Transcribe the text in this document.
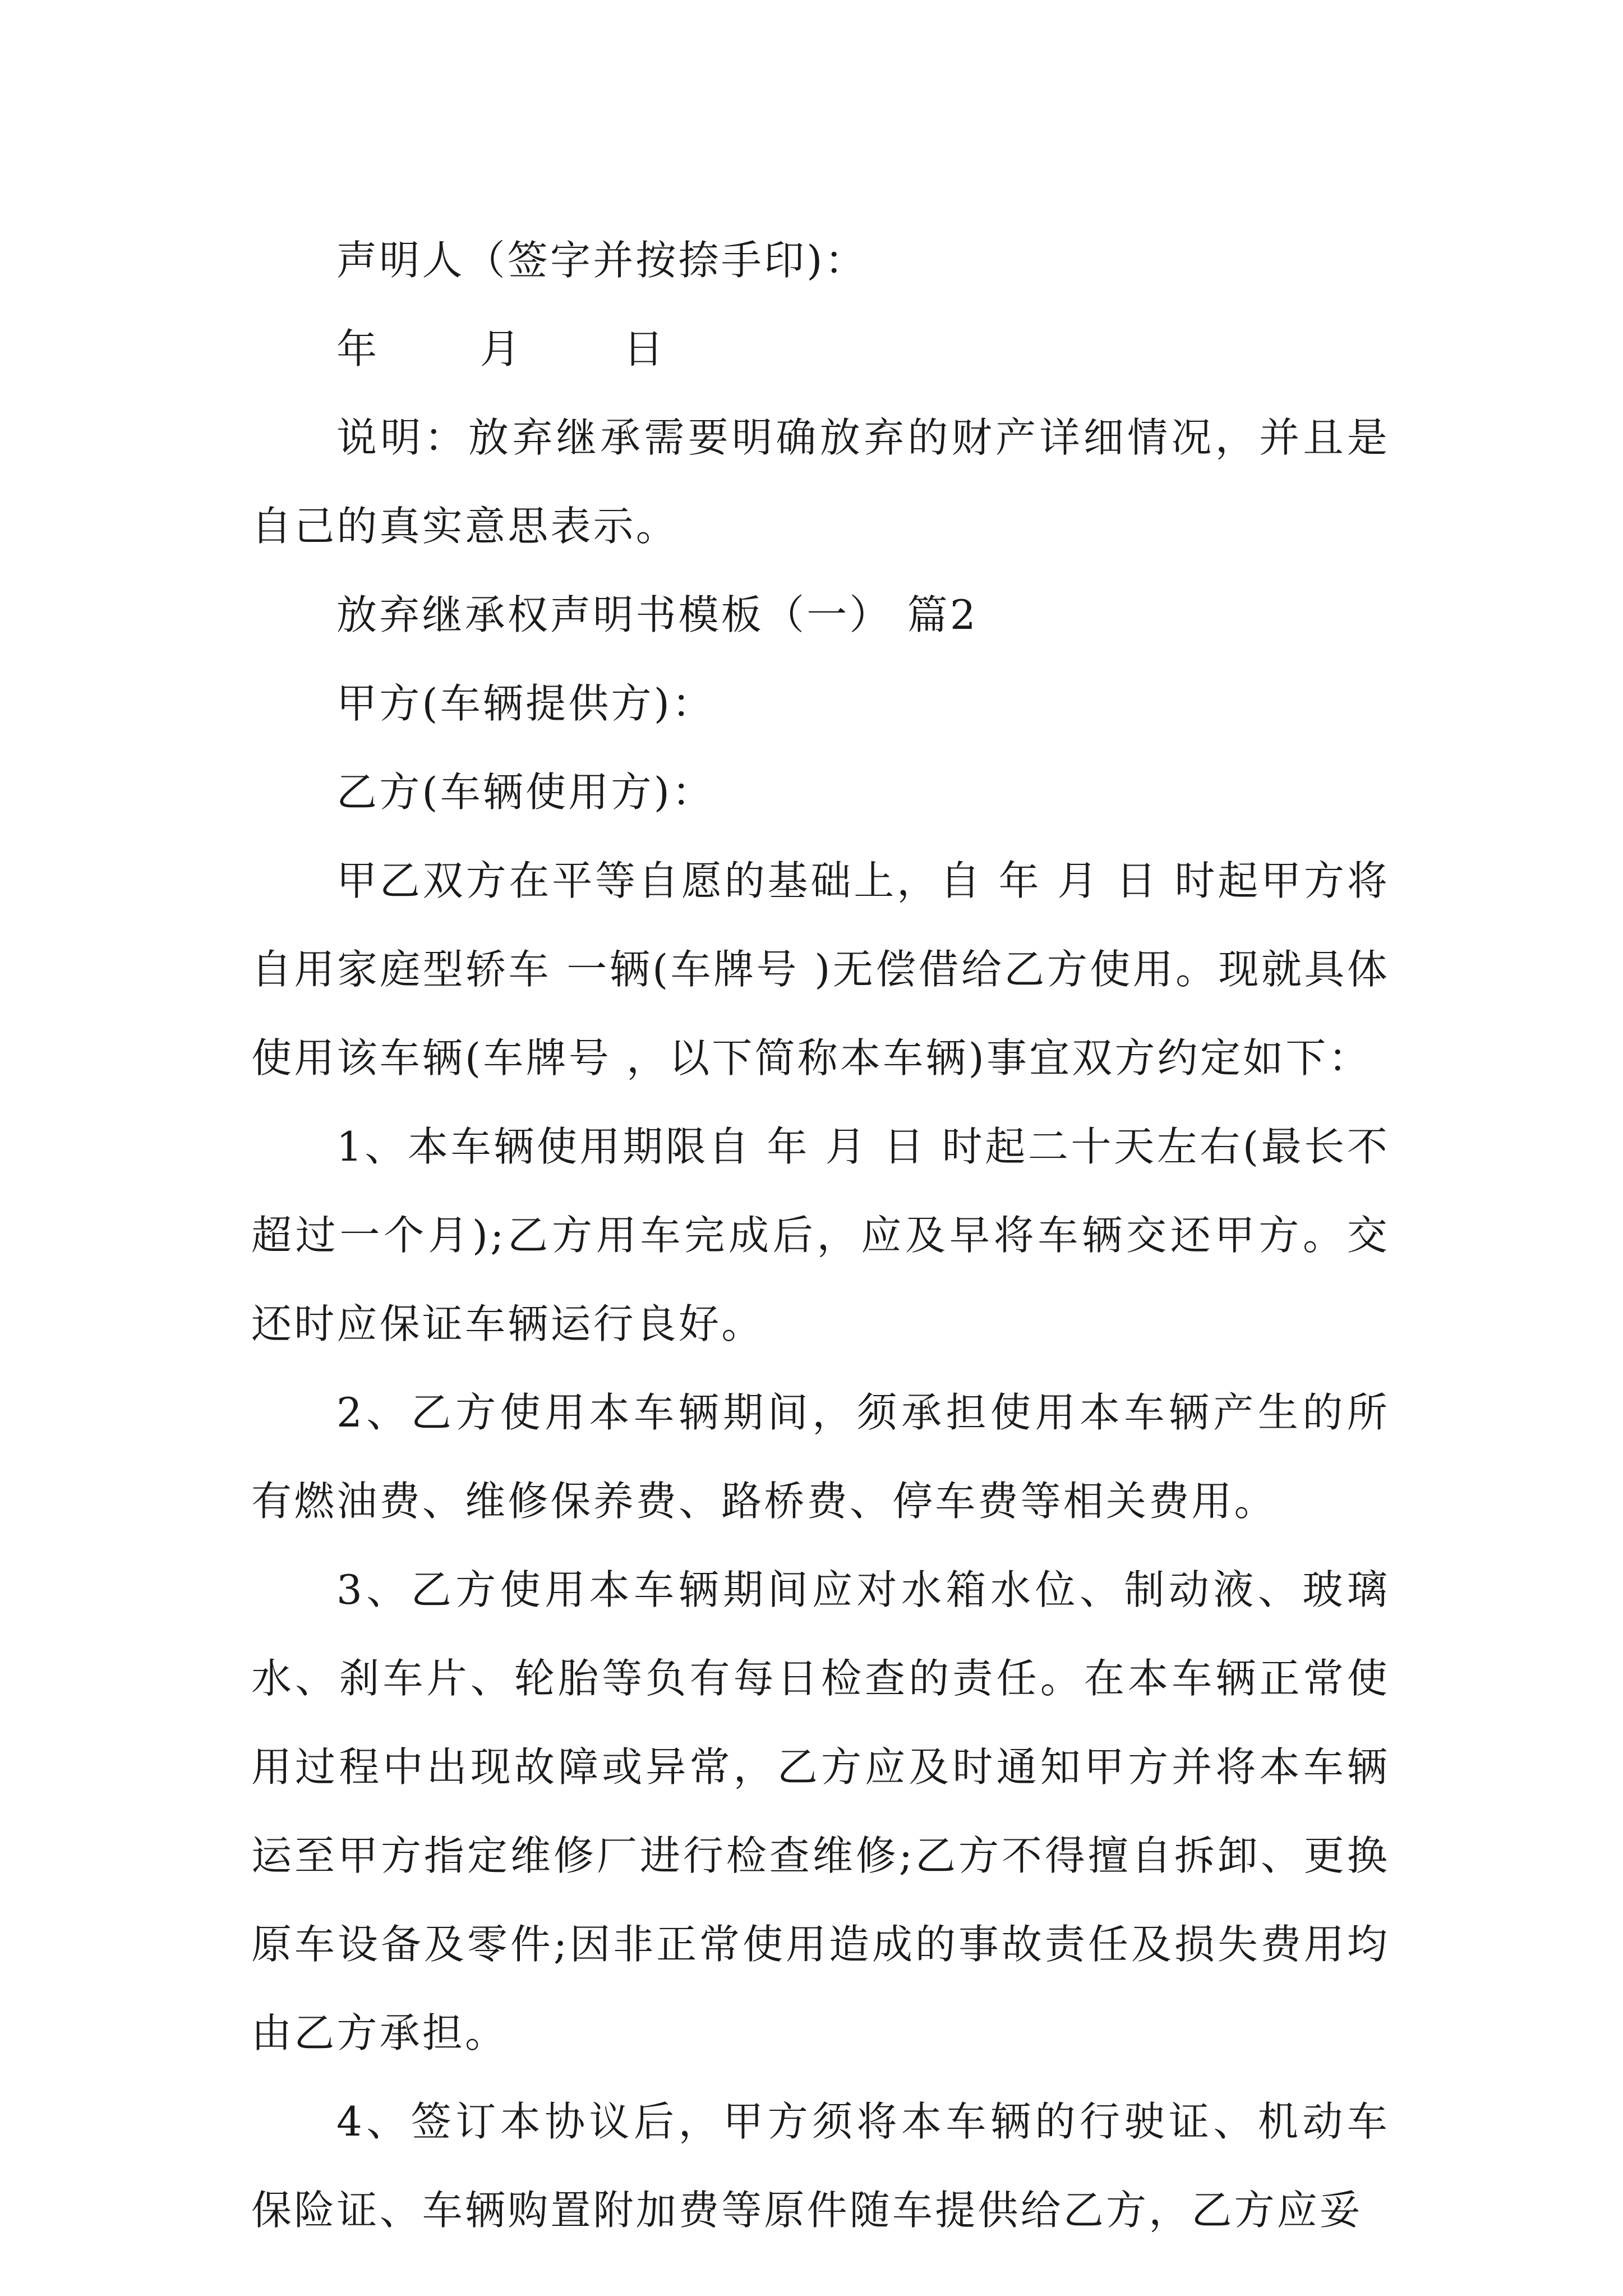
声明人（签字并按捺手印)：

年　　 月 　　日

说明：放弃继承需要明确放弃的财产详细情况，并且是自己的真实意思表示。

放弃继承权声明书模板（一） 篇2

甲方(车辆提供方)：

乙方(车辆使用方)：

甲乙双方在平等自愿的基础上，自 年 月 日 时起甲方将自用家庭型轿车 一辆(车牌号 )无偿借给乙方使用。现就具体使用该车辆(车牌号 ，以下简称本车辆)事宜双方约定如下：

1、本车辆使用期限自 年 月 日 时起二十天左右(最长不超过一个月);乙方用车完成后，应及早将车辆交还甲方。交还时应保证车辆运行良好。

2、乙方使用本车辆期间，须承担使用本车辆产生的所有燃油费、维修保养费、路桥费、停车费等相关费用。

3、乙方使用本车辆期间应对水箱水位、制动液、玻璃水、刹车片、轮胎等负有每日检查的责任。在本车辆正常使用过程中出现故障或异常，乙方应及时通知甲方并将本车辆运至甲方指定维修厂进行检查维修;乙方不得擅自拆卸、更换原车设备及零件;因非正常使用造成的事故责任及损失费用均由乙方承担。

4、签订本协议后，甲方须将本车辆的行驶证、机动车保险证、车辆购置附加费等原件随车提供给乙方，乙方应妥
